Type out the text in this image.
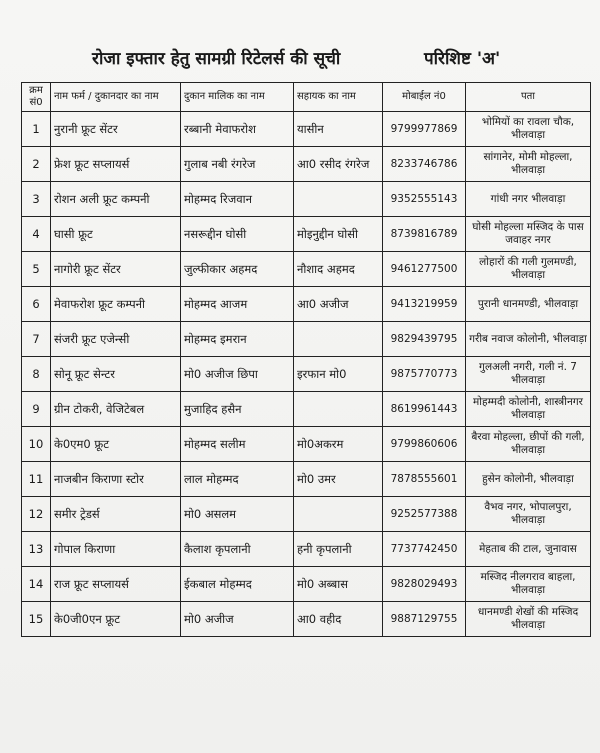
रोजा इफ्तार हेतु सामग्री रिटेलर्स की सूची	परिशिष्ट 'अ'
क्रम सं0	नाम फर्म / दुकानदार का नाम	दुकान मालिक का नाम	सहायक का नाम	मोबाईल नं0	पता
1	नुरानी फ्रूट सेंटर	रब्बानी मेवाफरोश	यासीन	9799977869	भोमियों का रावला चौक, भीलवाड़ा
2	फ्रेश फ्रूट सप्लायर्स	गुलाब नबी रंगरेज	आ0 रसीद रंगरेज	8233746786	सांगानेर, मोमी मोहल्ला, भीलवाड़ा
3	रोशन अली फ्रूट कम्पनी	मोहम्मद रिजवान		9352555143	गांधी नगर भीलवाड़ा
4	घासी फ्रूट	नसरूद्दीन घोसी	मोइनुद्दीन घोसी	8739816789	घोसी मोहल्ला मस्जिद के पास जवाहर नगर
5	नागोरी फ्रूट सेंटर	जुल्फीकार अहमद	नौशाद अहमद	9461277500	लोहारों की गली गुलमण्डी, भीलवाड़ा
6	मेवाफरोश फ्रूट कम्पनी	मोहम्मद आजम	आ0 अजीज	9413219959	पुरानी धानमण्डी, भीलवाड़ा
7	संजरी फ्रूट एजेन्सी	मोहम्मद इमरान		9829439795	गरीब नवाज कोलोनी, भीलवाड़ा
8	सोनू फ्रूट सेन्टर	मो0 अजीज छिपा	इरफान मो0	9875770773	गुलअली नगरी, गली नं. 7 भीलवाड़ा
9	ग्रीन टोकरी, वेजिटेबल	मुजाहिद हसैन		8619961443	मोहम्मदी कोलोनी, शास्त्रीनगर भीलवाड़ा
10	के0एम0 फ्रूट	मोहम्मद सलीम	मो0अकरम	9799860606	बैरवा मोहल्ला, छीपों की गली, भीलवाड़ा
11	नाजबीन किराणा स्टोर	लाल मोहम्मद	मो0 उमर	7878555601	हुसेन कोलोनी, भीलवाड़ा
12	समीर ट्रेडर्स	मो0 असलम		9252577388	वैभव नगर, भोपालपुरा, भीलवाड़ा
13	गोपाल किराणा	कैलाश कृपलानी	हनी कृपलानी	7737742450	मेहताब की टाल, जुनावास
14	राज फ्रूट सप्लायर्स	ईकबाल मोहम्मद	मो0 अब्बास	9828029493	मस्जिद नीलगराव बाहला, भीलवाड़ा
15	के0जी0एन फ्रूट	मो0 अजीज	आ0 वहीद	9887129755	धानमण्डी शेखों की मस्जिद भीलवाड़ा
